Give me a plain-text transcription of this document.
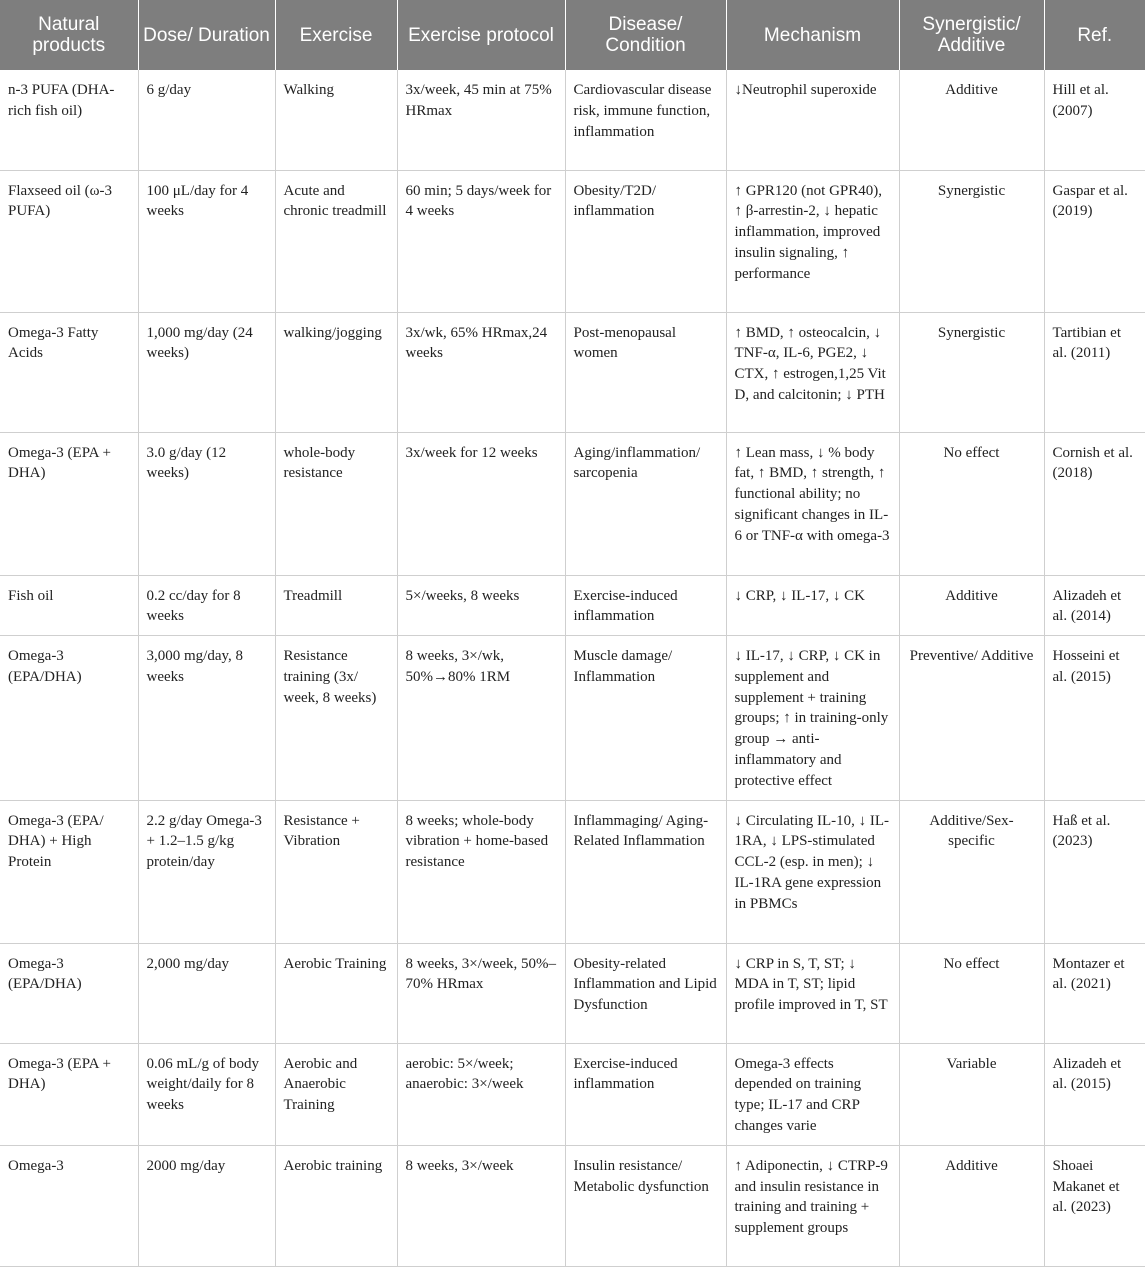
Natural products	Dose/ Duration	Exercise	Exercise protocol	Disease/ Condition	Mechanism	Synergistic/ Additive	Ref.
n-3 PUFA (DHA-rich fish oil)	6 g/day	Walking	3x/week, 45 min at 75% HRmax	Cardiovascular disease risk, immune function, inflammation	↓Neutrophil superoxide	Additive	Hill et al. (2007)
Flaxseed oil (ω-3 PUFA)	100 μL/day for 4 weeks	Acute and chronic treadmill	60 min; 5 days/week for 4 weeks	Obesity/T2D/ inflammation	↑ GPR120 (not GPR40), ↑ β-arrestin-2, ↓ hepatic inflammation, improved insulin signaling, ↑ performance	Synergistic	Gaspar et al. (2019)
Omega-3 Fatty Acids	1,000 mg/day (24 weeks)	walking/jogging	3x/wk, 65% HRmax,24 weeks	Post-menopausal women	↑ BMD, ↑ osteocalcin, ↓ TNF-α, IL-6, PGE2, ↓ CTX, ↑ estrogen,1,25 Vit D, and calcitonin; ↓ PTH	Synergistic	Tartibian et al. (2011)
Omega-3 (EPA + DHA)	3.0 g/day (12 weeks)	whole-body resistance	3x/week for 12 weeks	Aging/inflammation/ sarcopenia	↑ Lean mass, ↓ % body fat, ↑ BMD, ↑ strength, ↑ functional ability; no significant changes in IL-6 or TNF-α with omega-3	No effect	Cornish et al. (2018)
Fish oil	0.2 cc/day for 8 weeks	Treadmill	5×/weeks, 8 weeks	Exercise-induced inflammation	↓ CRP, ↓ IL-17, ↓ CK	Additive	Alizadeh et al. (2014)
Omega-3 (EPA/DHA)	3,000 mg/day, 8 weeks	Resistance training (3x/ week, 8 weeks)	8 weeks, 3×/wk, 50%→80% 1RM	Muscle damage/ Inflammation	↓ IL-17, ↓ CRP, ↓ CK in supplement and supplement + training groups; ↑ in training-only group → anti-inflammatory and protective effect	Preventive/ Additive	Hosseini et al. (2015)
Omega-3 (EPA/ DHA) + High Protein	2.2 g/day Omega-3 + 1.2–1.5 g/kg protein/day	Resistance + Vibration	8 weeks; whole-body vibration + home-based resistance	Inflammaging/ Aging-Related Inflammation	↓ Circulating IL-10, ↓ IL-1RA, ↓ LPS-stimulated CCL-2 (esp. in men); ↓ IL-1RA gene expression in PBMCs	Additive/Sex-specific	Haß et al. (2023)
Omega-3 (EPA/DHA)	2,000 mg/day	Aerobic Training	8 weeks, 3×/week, 50%–70% HRmax	Obesity-related Inflammation and Lipid Dysfunction	↓ CRP in S, T, ST; ↓ MDA in T, ST; lipid profile improved in T, ST	No effect	Montazer et al. (2021)
Omega-3 (EPA + DHA)	0.06 mL/g of body weight/daily for 8 weeks	Aerobic and Anaerobic Training	aerobic: 5×/week; anaerobic: 3×/week	Exercise-induced inflammation	Omega-3 effects depended on training type; IL-17 and CRP changes varie	Variable	Alizadeh et al. (2015)
Omega-3	2000 mg/day	Aerobic training	8 weeks, 3×/week	Insulin resistance/ Metabolic dysfunction	↑ Adiponectin, ↓ CTRP-9 and insulin resistance in training and training + supplement groups	Additive	Shoaei Makanet et al. (2023)
